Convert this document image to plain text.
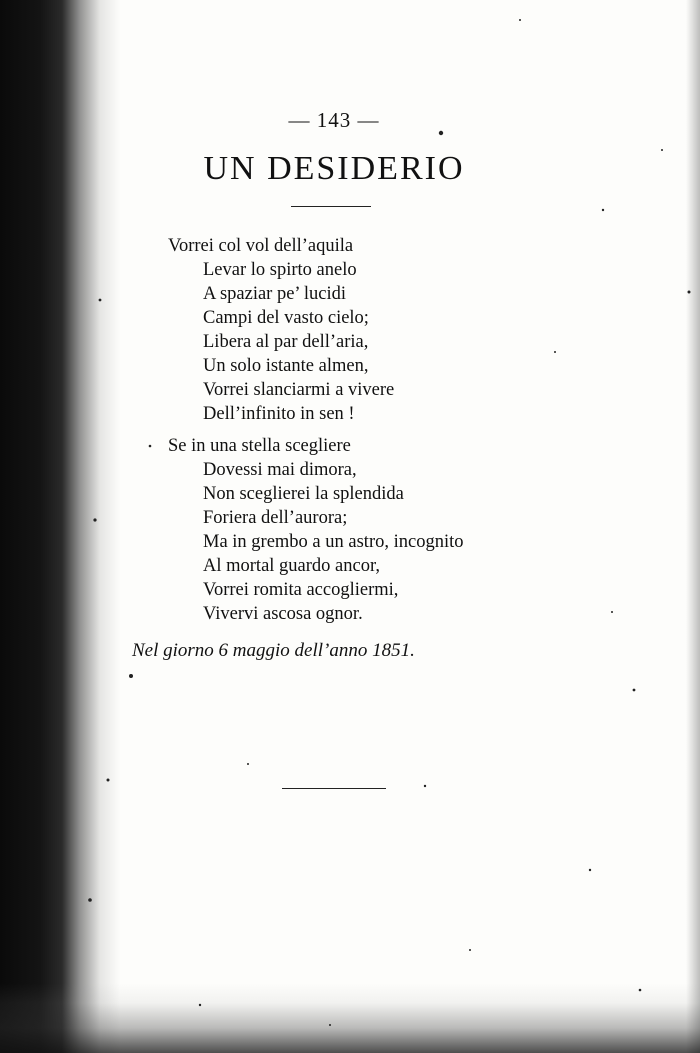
— 143 —
UN DESIDERIO
Vorrei col vol dell’aquila
Levar lo spirto anelo
A spaziar pe’ lucidi
Campi del vasto cielo;
Libera al par dell’aria,
Un solo istante almen,
Vorrei slanciarmi a vivere
Dell’infinito in sen !
Se in una stella scegliere
Dovessi mai dimora,
Non sceglierei la splendida
Foriera dell’aurora;
Ma in grembo a un astro, incognito
Al mortal guardo ancor,
Vorrei romita accogliermi,
Vivervi ascosa ognor.
Nel giorno 6 maggio dell’anno 1851.
